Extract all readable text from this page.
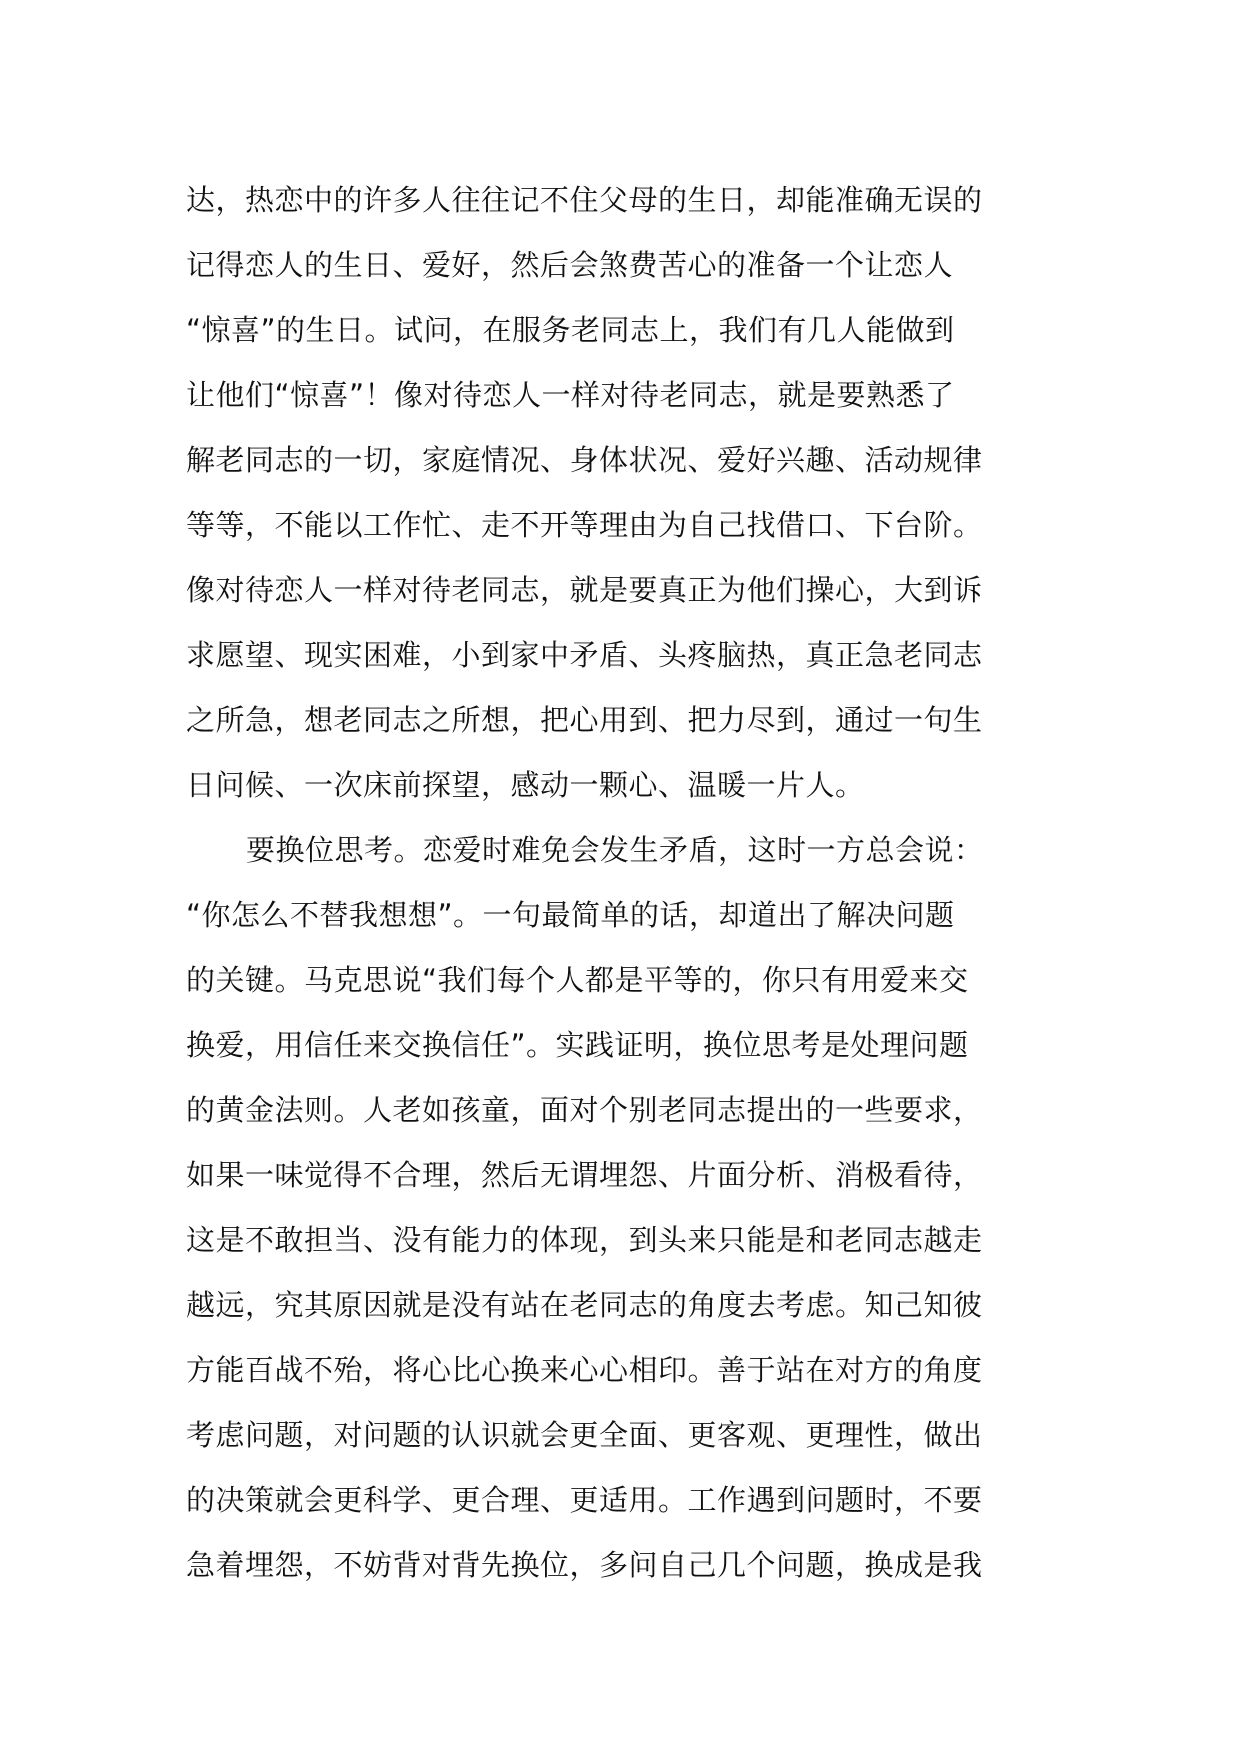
达，热恋中的许多人往往记不住父母的生日，却能准确无误的
记得恋人的生日、爱好，然后会煞费苦心的准备一个让恋人
“惊喜”的生日。试问，在服务老同志上，我们有几人能做到
让他们“惊喜”！像对待恋人一样对待老同志，就是要熟悉了
解老同志的一切，家庭情况、身体状况、爱好兴趣、活动规律
等等，不能以工作忙、走不开等理由为自己找借口、下台阶。
像对待恋人一样对待老同志，就是要真正为他们操心，大到诉
求愿望、现实困难，小到家中矛盾、头疼脑热，真正急老同志
之所急，想老同志之所想，把心用到、把力尽到，通过一句生
日问候、一次床前探望，感动一颗心、温暖一片人。
要换位思考。恋爱时难免会发生矛盾，这时一方总会说：
“你怎么不替我想想”。一句最简单的话，却道出了解决问题
的关键。马克思说“我们每个人都是平等的，你只有用爱来交
换爱，用信任来交换信任”。实践证明，换位思考是处理问题
的黄金法则。人老如孩童，面对个别老同志提出的一些要求，
如果一味觉得不合理，然后无谓埋怨、片面分析、消极看待，
这是不敢担当、没有能力的体现，到头来只能是和老同志越走
越远，究其原因就是没有站在老同志的角度去考虑。知己知彼
方能百战不殆，将心比心换来心心相印。善于站在对方的角度
考虑问题，对问题的认识就会更全面、更客观、更理性，做出
的决策就会更科学、更合理、更适用。工作遇到问题时，不要
急着埋怨，不妨背对背先换位，多问自己几个问题，换成是我
